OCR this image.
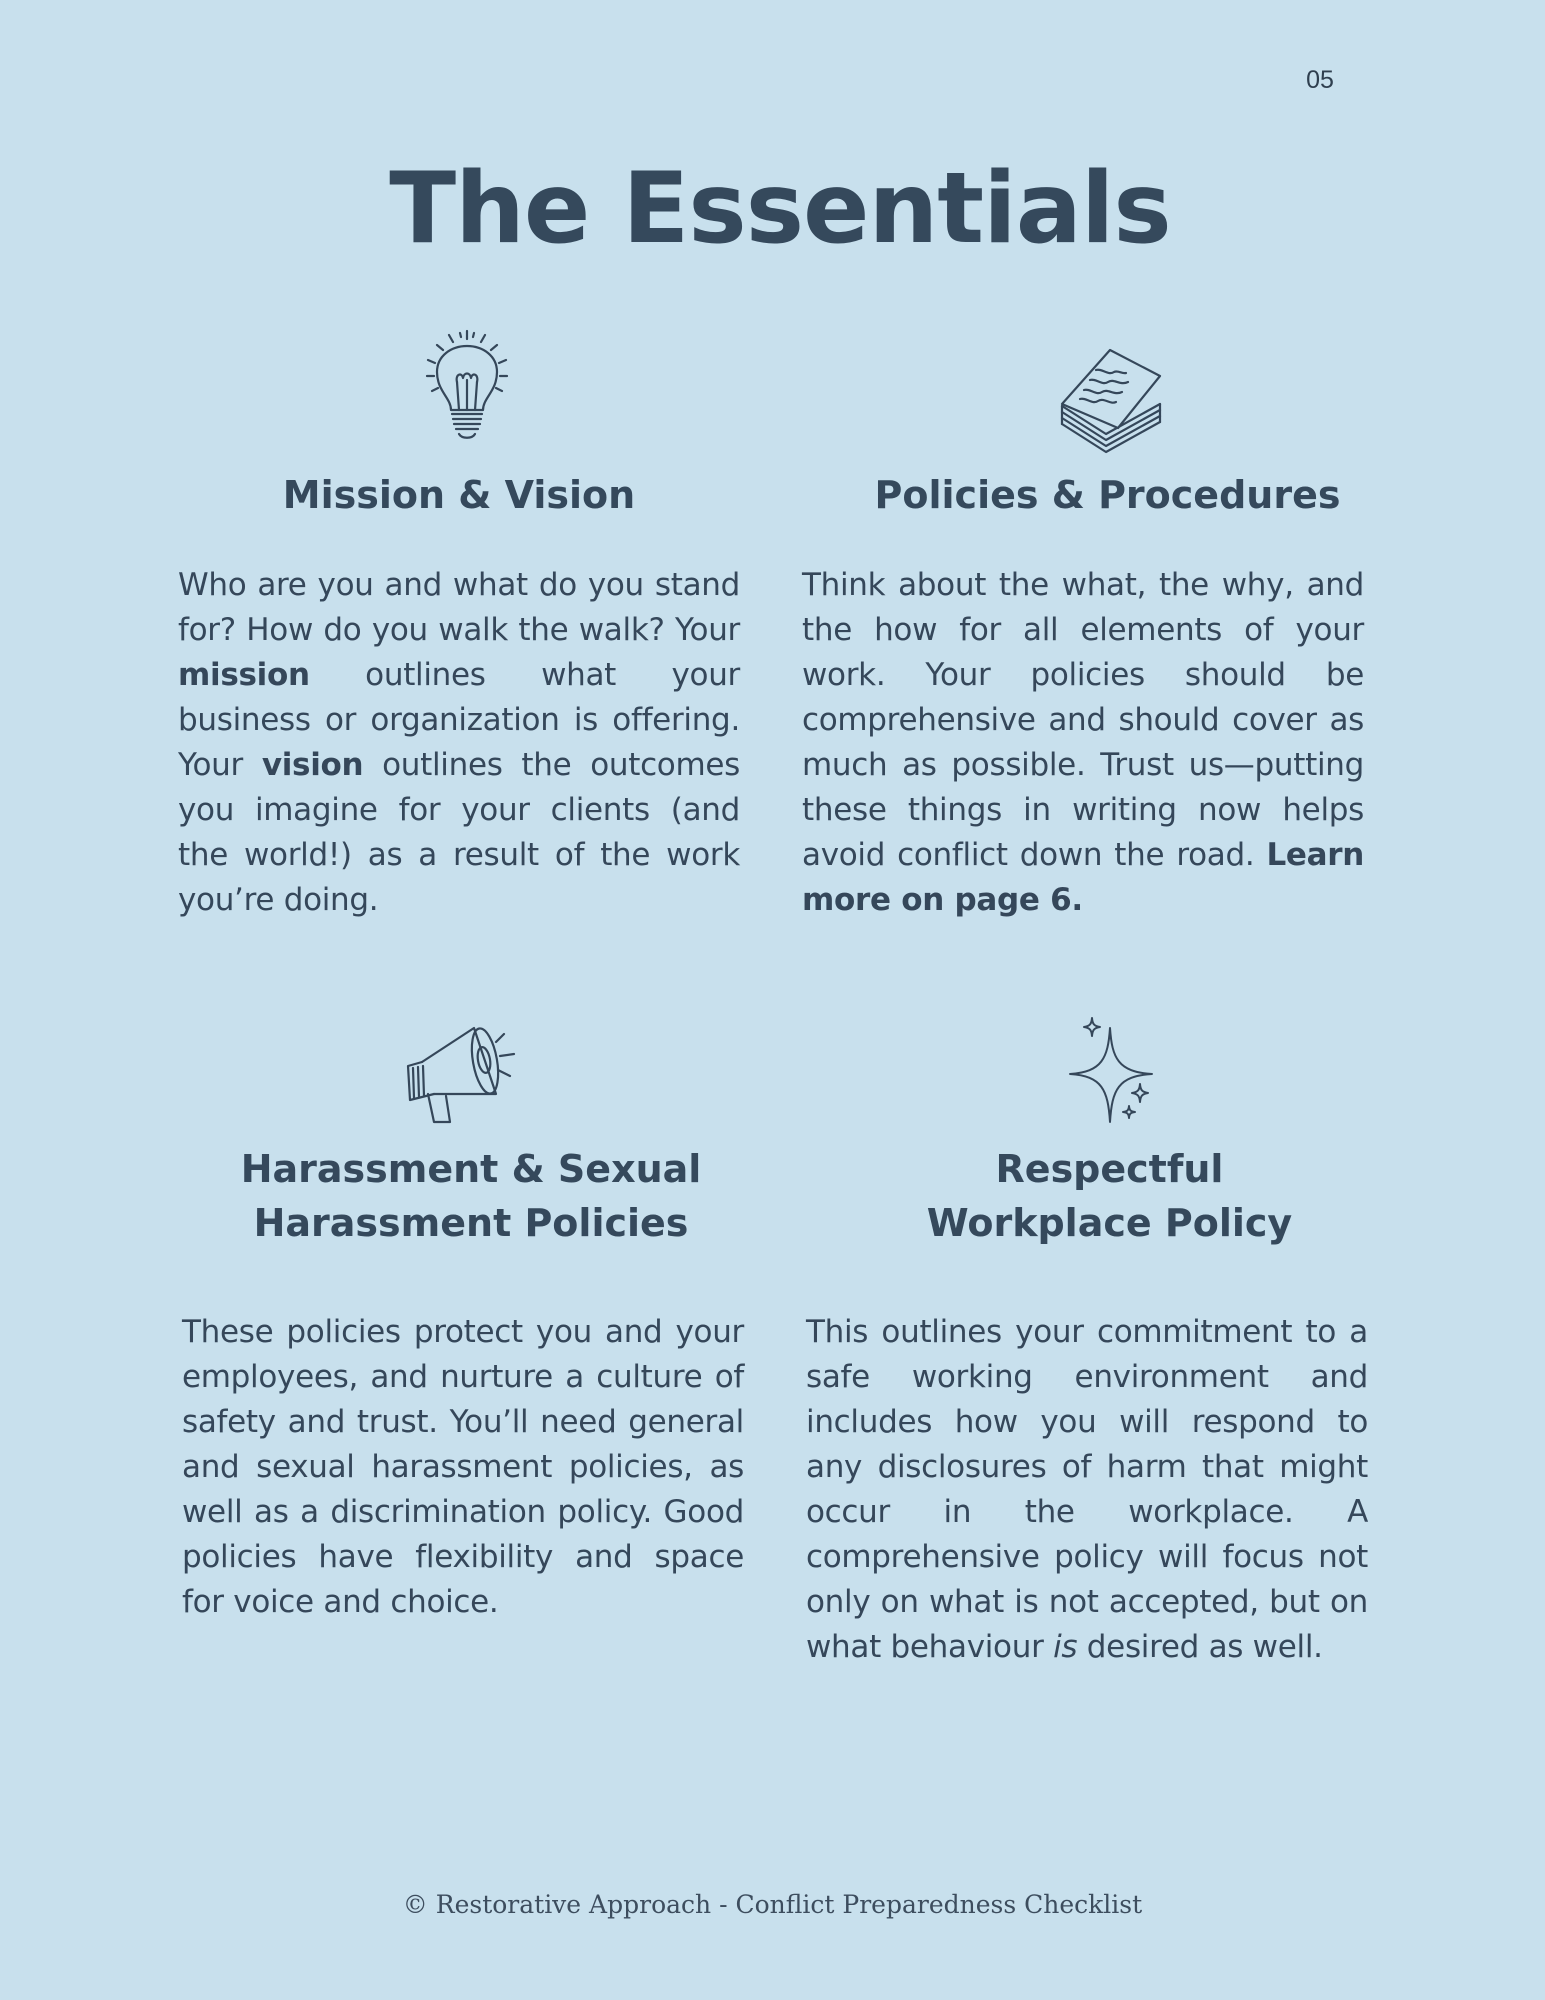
05
The Essentials
Mission & Vision

Who are you and what do you stand for? How do you walk the walk? Your mission outlines what your business or organization is offering. Your vision outlines the outcomes you imagine for your clients (and the world!) as a result of the work you’re doing.

Policies & Procedures

Think about the what, the why, and the how for all elements of your work. Your policies should be comprehensive and should cover as much as possible. Trust us—putting these things in writing now helps avoid conflict down the road. Learn more on page 6.

Harassment & Sexual
Harassment Policies

These policies protect you and your employees, and nurture a culture of safety and trust. You’ll need general and sexual harassment policies, as well as a discrimination policy. Good policies have flexibility and space for voice and choice.

Respectful
Workplace Policy

This outlines your commitment to a safe working environment and includes how you will respond to any disclosures of harm that might occur in the workplace. A comprehensive policy will focus not only on what is not accepted, but on what behaviour is desired as well.

© Restorative Approach - Conflict Preparedness Checklist
